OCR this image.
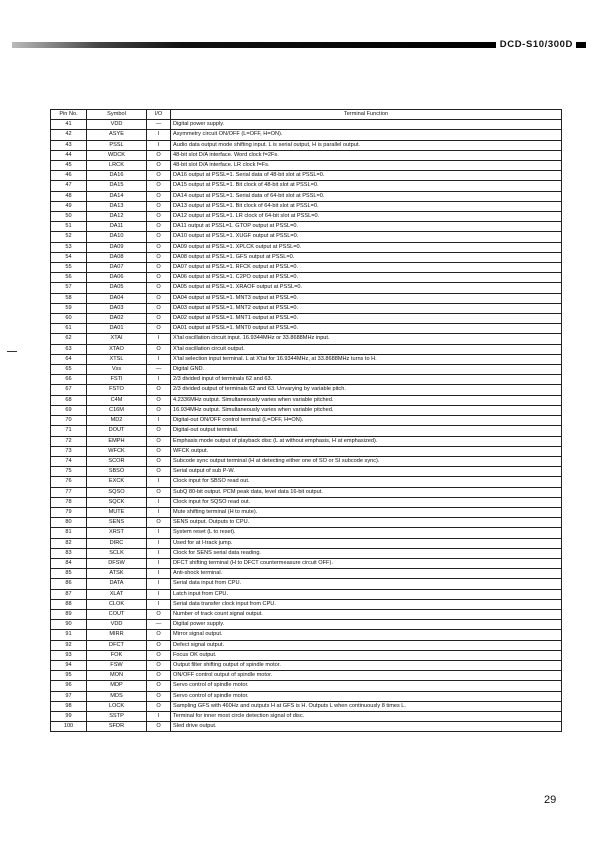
DCD-S10/300D
Pin No.	Symbol	I/O	Terminal Function
41	VDD	—	Digital power supply.
42	ASYE	I	Asymmetry circuit ON/OFF (L=OFF, H=ON).
43	PSSL	I	Audio data output mode shifting input. L is serial output, H is parallel output.
44	WDCK	O	48-bit slot D/A interface. Word clock f=2Fs.
45	LRCK	O	48-bit slot D/A interface. LR clock f=Fs.
46	DA16	O	DA16 output at PSSL=1. Serial data of 48-bit slot at PSSL=0.
47	DA15	O	DA15 output at PSSL=1. Bit clock of 48-bit slot at PSSL=0.
48	DA14	O	DA14 output at PSSL=1. Serial data of 64-bit slot at PSSL=0.
49	DA13	O	DA13 output at PSSL=1. Bit clock of 64-bit slot at PSSL=0.
50	DA12	O	DA12 output at PSSL=1. LR clock of 64-bit slot at PSSL=0.
51	DA11	O	DA11 output at PSSL=1. GTOP output at PSSL=0.
52	DA10	O	DA10 output at PSSL=1. XUGF output at PSSL=0.
53	DA09	O	DA09 output at PSSL=1. XPLCK output at PSSL=0.
54	DA08	O	DA08 output at PSSL=1. GFS output at PSSL=0.
55	DA07	O	DA07 output at PSSL=1. RFCK output at PSSL=0.
56	DA06	O	DA06 output at PSSL=1. C2PO output at PSSL=0.
57	DA05	O	DA05 output at PSSL=1. XRAOF output at PSSL=0.
58	DA04	O	DA04 output at PSSL=1. MNT3 output at PSSL=0.
59	DA03	O	DA03 output at PSSL=1. MNT2 output at PSSL=0.
60	DA02	O	DA02 output at PSSL=1. MNT1 output at PSSL=0.
61	DA01	O	DA01 output at PSSL=1. MNT0 output at PSSL=0.
62	XTAI	I	X'tal oscillation circuit input. 16.9344MHz or 33.8688MHz input.
63	XTAO	O	X'tal oscillation circuit output.
64	XTSL	I	X'tal selection input terminal. L at X'tal for 16.9344MHz, at 33.8688MHz turns to H.
65	Vss	—	Digital GND.
66	FSTI	I	2/3 divided input of terminals 62 and 63.
67	FSTO	O	2/3 divided output of terminals 62 and 63. Unvarying by variable pitch.
68	C4M	O	4.2336MHz output. Simultaneously varies when variable pitched.
69	C16M	O	16.934MHz output. Simultaneously varies when variable pitched.
70	MD2	I	Digital-out ON/OFF control terminal (L=OFF, H=ON).
71	DOUT	O	Digital-out output terminal.
72	EMPH	O	Emphasis mode output of playback disc (L at without emphasis, H at emphasized).
73	WFCK	O	WFCK output.
74	SCOR	O	Subcode sync output terminal (H at detecting either one of SO or SI subcode sync).
75	SBSO	O	Serial output of sub P-W.
76	EXCK	I	Clock input for SBSO read out.
77	SQSO	O	SubQ 80-bit output. PCM peak data, level data 16-bit output.
78	SQCK	I	Clock input for SQSO read out.
79	MUTE	I	Mute shifting terminal (H to mute).
80	SENS	O	SENS output. Outputs to CPU.
81	XRST	I	System reset (L to reset).
82	DIRC	I	Used for at l-track jump.
83	SCLK	I	Clock for SENS serial data reading.
84	DFSW	I	DFCT shifting terminal (H to DFCT countermeasure circuit OFF).
85	ATSK	I	Anti-shock terminal.
86	DATA	I	Serial data input from CPU.
87	XLAT	I	Latch input from CPU.
88	CLOK	I	Serial data transfer clock input from CPU.
89	COUT	O	Number of track count signal output.
90	VDD	—	Digital power supply.
91	MIRR	O	Mirror signal output.
92	DFCT	O	Defect signal output.
93	FOK	O	Focus OK output.
94	FSW	O	Output filter shifting output of spindle motor.
95	MON	O	ON/OFF control output of spindle motor.
96	MDP	O	Servo control of spindle motor.
97	MDS	O	Servo control of spindle motor.
98	LOCK	O	Sampling GFS with 460Hz and outputs H at GFS is H. Outputs L when continuously 8 times L.
99	SSTP	I	Terminal for inner most circle detection signal of disc.
100	SFDR	O	Sled drive output.
29
